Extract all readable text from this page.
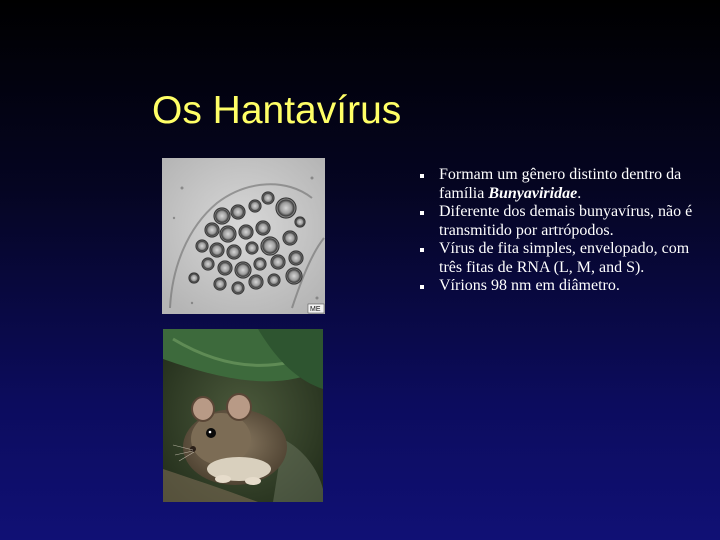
Os Hantavírus
ME
Formam um gênero distinto dentro da família Bunyaviridae.
Diferente dos demais bunyavírus, não é transmitido por artrópodos.
Vírus de fita simples, envelopado, com três fitas de RNA (L, M, and S).
Vírions 98 nm em diâmetro.
